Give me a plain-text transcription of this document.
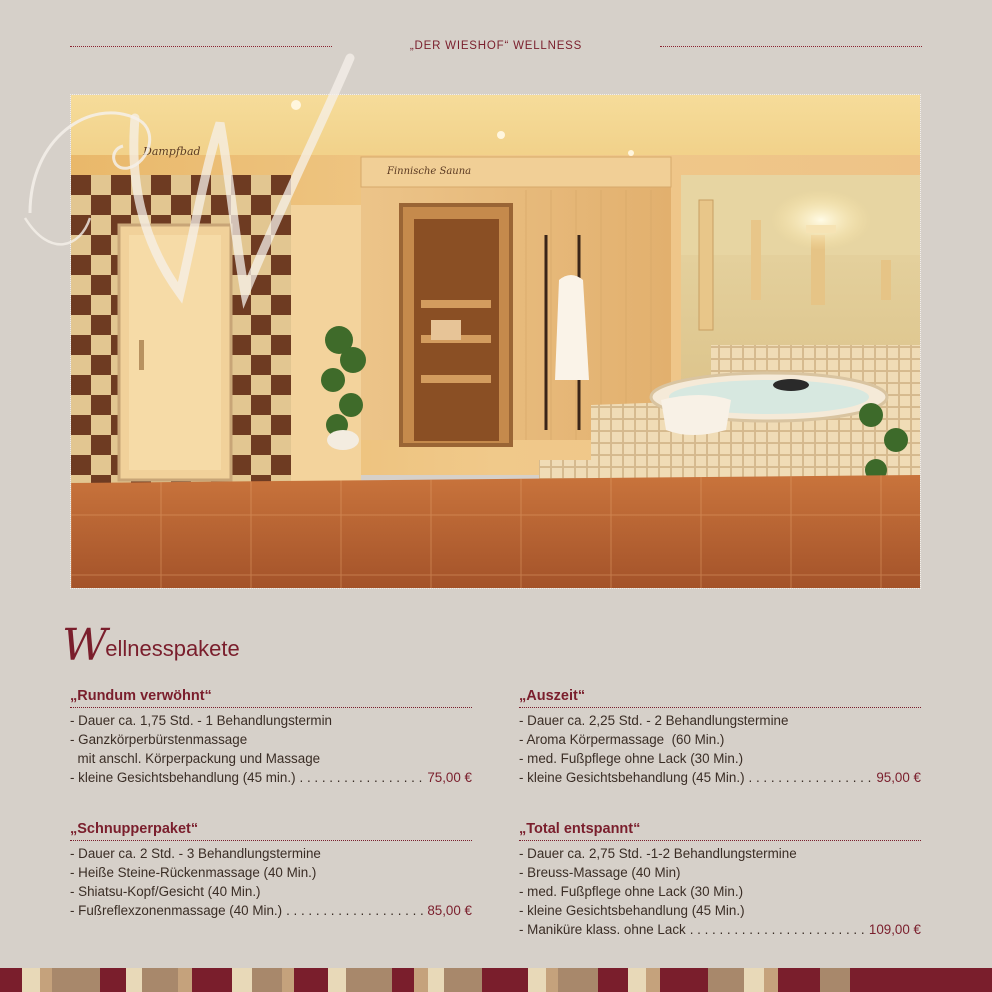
„DER WIESHOF“ WELLNESS
Dampfbad
Finnische Sauna
W
ellnesspakete
„Rundum verwöhnt“
- Dauer ca. 1,75 Std. - 1 Behandlungstermin
- Ganzkörperbürstenmassage
mit anschl. Körperpackung und Massage
- kleine Gesichtsbehandlung (45 min.) . . .	75,00 €
„Auszeit“
- Dauer ca. 2,25 Std. - 2 Behandlungstermine
- Aroma Körpermassage  (60 Min.)
- med. Fußpflege ohne Lack (30 Min.)
- kleine Gesichtsbehandlung (45 Min.) . . .	95,00 €
„Schnupperpaket“
- Dauer ca. 2 Std. - 3 Behandlungstermine
- Heiße Steine-Rückenmassage (40 Min.)
- Shiatsu-Kopf/Gesicht (40 Min.)
- Fußreflexzonenmassage (40 Min.) . . .	85,00 €
„Total entspannt“
- Dauer ca. 2,75 Std. -1-2 Behandlungstermine
- Breuss-Massage (40 Min)
- med. Fußpflege ohne Lack (30 Min.)
- kleine Gesichtsbehandlung (45 Min.)
- Maniküre klass. ohne Lack . . .	109,00 €
